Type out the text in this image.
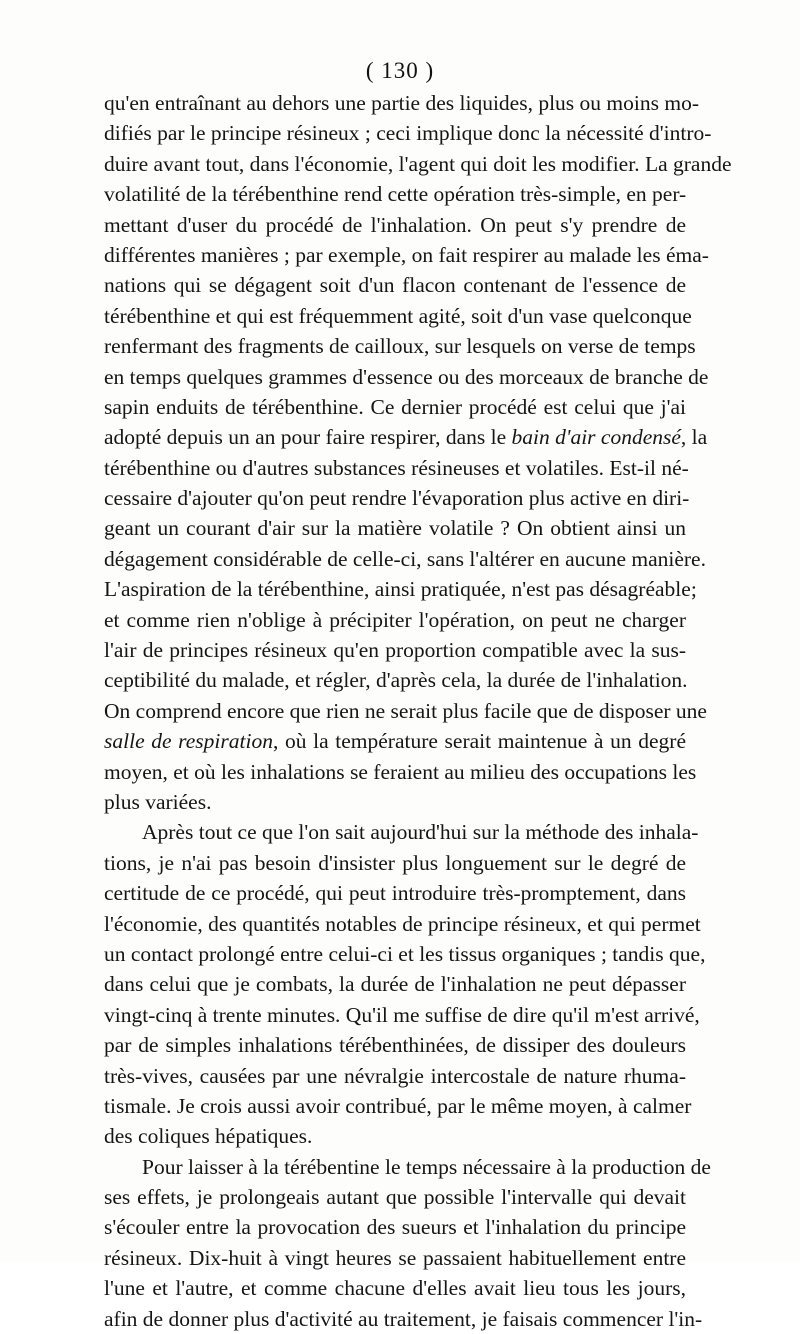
( 130 )
qu'en entraînant au dehors une partie des liquides, plus ou moins mo-
difiés par le principe résineux ; ceci implique donc la nécessité d'intro-
duire avant tout, dans l'économie, l'agent qui doit les modifier. La grande
volatilité de la térébenthine rend cette opération très-simple, en per-
mettant d'user du procédé de l'inhalation. On peut s'y prendre de
différentes manières ; par exemple, on fait respirer au malade les éma-
nations qui se dégagent soit d'un flacon contenant de l'essence de
térébenthine et qui est fréquemment agité, soit d'un vase quelconque
renfermant des fragments de cailloux, sur lesquels on verse de temps
en temps quelques grammes d'essence ou des morceaux de branche de
sapin enduits de térébenthine. Ce dernier procédé est celui que j'ai
adopté depuis un an pour faire respirer, dans le bain d'air condensé, la
térébenthine ou d'autres substances résineuses et volatiles. Est-il né-
cessaire d'ajouter qu'on peut rendre l'évaporation plus active en diri-
geant un courant d'air sur la matière volatile ? On obtient ainsi un
dégagement considérable de celle-ci, sans l'altérer en aucune manière.
L'aspiration de la térébenthine, ainsi pratiquée, n'est pas désagréable;
et comme rien n'oblige à précipiter l'opération, on peut ne charger
l'air de principes résineux qu'en proportion compatible avec la sus-
ceptibilité du malade, et régler, d'après cela, la durée de l'inhalation.
On comprend encore que rien ne serait plus facile que de disposer une
salle de respiration, où la température serait maintenue à un degré
moyen, et où les inhalations se feraient au milieu des occupations les
plus variées.
Après tout ce que l'on sait aujourd'hui sur la méthode des inhala-
tions, je n'ai pas besoin d'insister plus longuement sur le degré de
certitude de ce procédé, qui peut introduire très-promptement, dans
l'économie, des quantités notables de principe résineux, et qui permet
un contact prolongé entre celui-ci et les tissus organiques ; tandis que,
dans celui que je combats, la durée de l'inhalation ne peut dépasser
vingt-cinq à trente minutes. Qu'il me suffise de dire qu'il m'est arrivé,
par de simples inhalations térébenthinées, de dissiper des douleurs
très-vives, causées par une névralgie intercostale de nature rhuma-
tismale. Je crois aussi avoir contribué, par le même moyen, à calmer
des coliques hépatiques.
Pour laisser à la térébentine le temps nécessaire à la production de
ses effets, je prolongeais autant que possible l'intervalle qui devait
s'écouler entre la provocation des sueurs et l'inhalation du principe
résineux. Dix-huit à vingt heures se passaient habituellement entre
l'une et l'autre, et comme chacune d'elles avait lieu tous les jours,
afin de donner plus d'activité au traitement, je faisais commencer l'in-
